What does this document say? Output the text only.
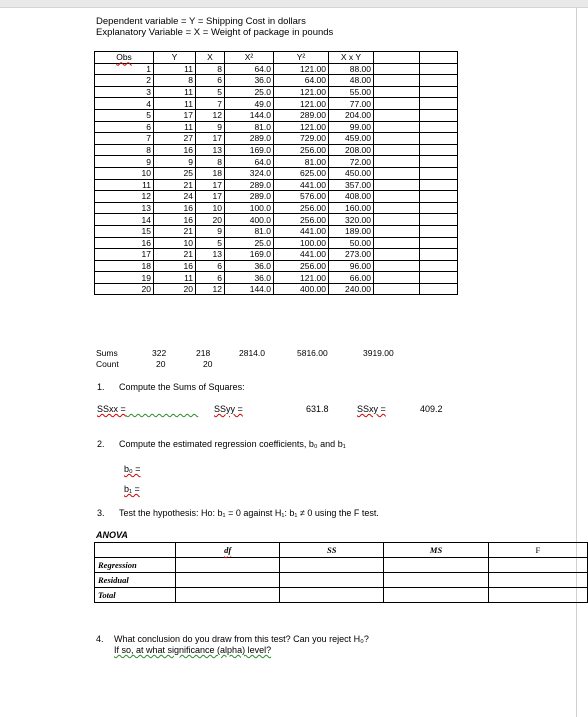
Dependent variable = Y = Shipping Cost in dollars
Explanatory Variable = X = Weight of package in pounds
Obs	Y	X	X²	Y²	X x Y		
1	11	8	64.0	121.00	88.00		
2	8	6	36.0	64.00	48.00		
3	11	5	25.0	121.00	55.00		
4	11	7	49.0	121.00	77.00		
5	17	12	144.0	289.00	204.00		
6	11	9	81.0	121.00	99.00		
7	27	17	289.0	729.00	459.00		
8	16	13	169.0	256.00	208.00		
9	9	8	64.0	81.00	72.00		
10	25	18	324.0	625.00	450.00		
11	21	17	289.0	441.00	357.00		
12	24	17	289.0	576.00	408.00		
13	16	10	100.0	256.00	160.00		
14	16	20	400.0	256.00	320.00		
15	21	9	81.0	441.00	189.00		
16	10	5	25.0	100.00	50.00		
17	21	13	169.0	441.00	273.00		
18	16	6	36.0	256.00	96.00		
19	11	6	36.0	121.00	66.00		
20	20	12	144.0	400.00	240.00		
Sums	322	218	2814.0	5816.00	3919.00
Count	20	20
1. Compute the Sums of Squares:
SSxx =	SSyy =	631.8	SSxy =	409.2
2. Compute the estimated regression coefficients, b₀ and b₁
b₀ =
b₁ =
3. Test the hypothesis: Ho: b₁ = 0 against H₁: b₁ ≠ 0 using the F test.
ANOVA
	df	SS	MS	F
Regression				
Residual				
Total				
4. What conclusion do you draw from this test? Can you reject H₀?
If so, at what significance (alpha) level?
